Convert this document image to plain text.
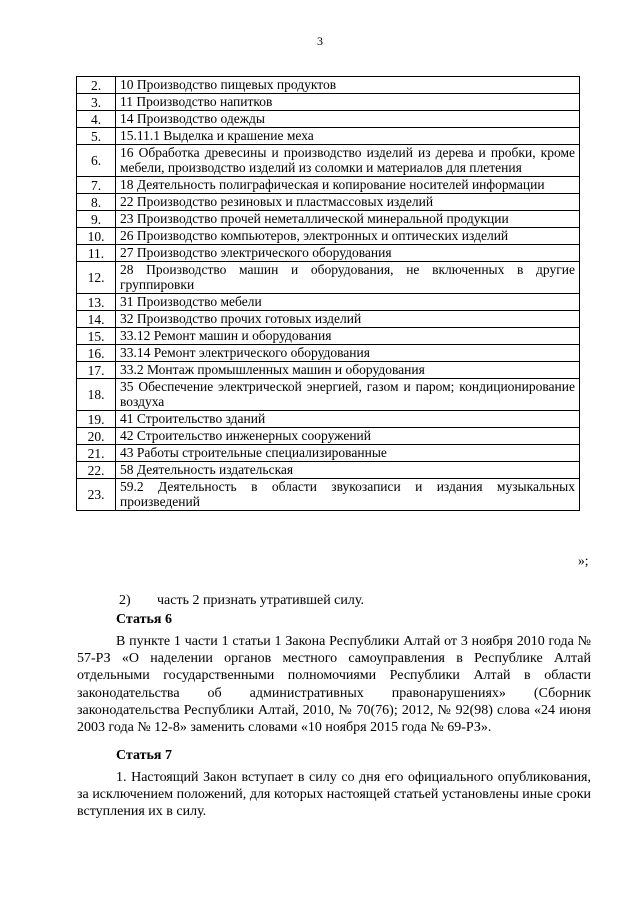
3
2.	10 Производство пищевых продуктов
3.	11 Производство напитков
4.	14 Производство одежды
5.	15.11.1 Выделка и крашение меха
6.	16 Обработка древесины и производство изделий из дерева и пробки, кроме мебели, производство изделий из соломки и материалов для плетения
7.	18 Деятельность полиграфическая и копирование носителей информации
8.	22 Производство резиновых и пластмассовых изделий
9.	23 Производство прочей неметаллической минеральной продукции
10.	26 Производство компьютеров, электронных и оптических изделий
11.	27 Производство электрического оборудования
12.	28 Производство машин и оборудования, не включенных в другие группировки
13.	31 Производство мебели
14.	32 Производство прочих готовых изделий
15.	33.12 Ремонт машин и оборудования
16.	33.14 Ремонт электрического оборудования
17.	33.2 Монтаж промышленных машин и оборудования
18.	35 Обеспечение электрической энергией, газом и паром; кондиционирование воздуха
19.	41 Строительство зданий
20.	42 Строительство инженерных сооружений
21.	43 Работы строительные специализированные
22.	58 Деятельность издательская
23.	59.2 Деятельность в области звукозаписи и издания музыкальных произведений
»;
2) часть 2 признать утратившей силу.
Статья 6

В пункте 1 части 1 статьи 1 Закона Республики Алтай от 3 ноября 2010 года № 57-РЗ «О наделении органов местного самоуправления в Республике Алтай отдельными государственными полномочиями Республики Алтай в области законодательства об административных правонарушениях» (Сборник законодательства Республики Алтай, 2010, № 70(76); 2012, № 92(98) слова «24 июня 2003 года № 12-8» заменить словами «10 ноября 2015 года № 69-РЗ».

Статья 7

1. Настоящий Закон вступает в силу со дня его официального опубликования, за исключением положений, для которых настоящей статьей установлены иные сроки вступления их в силу.
